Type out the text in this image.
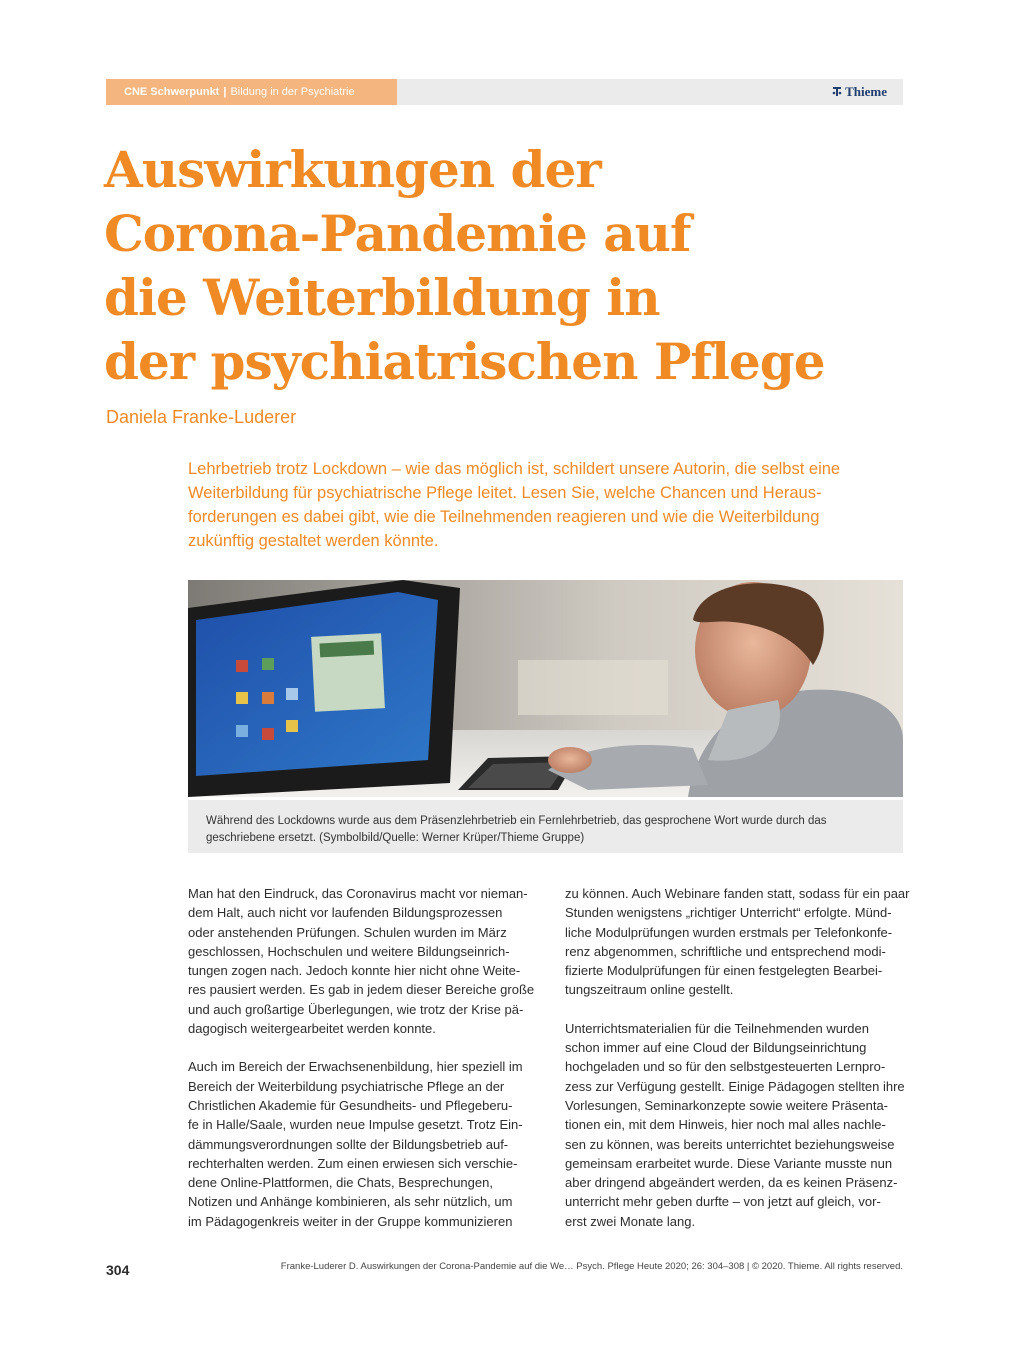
CNE Schwerpunkt | Bildung in der Psychiatrie	Thieme
Auswirkungen der
Corona-Pandemie auf
die Weiterbildung in
der psychiatrischen Pflege
Daniela Franke-Luderer

Lehrbetrieb trotz Lockdown – wie das möglich ist, schildert unsere Autorin, die selbst eine
Weiterbildung für psychiatrische Pflege leitet. Lesen Sie, welche Chancen und Heraus-
forderungen es dabei gibt, wie die Teilnehmenden reagieren und wie die Weiterbildung
zukünftig gestaltet werden könnte.

Während des Lockdowns wurde aus dem Präsenzlehrbetrieb ein Fernlehrbetrieb, das gesprochene Wort wurde durch das
geschriebene ersetzt. (Symbolbild/Quelle: Werner Krüper/Thieme Gruppe)

Man hat den Eindruck, das Coronavirus macht vor nieman-
dem Halt, auch nicht vor laufenden Bildungsprozessen
oder anstehenden Prüfungen. Schulen wurden im März
geschlossen, Hochschulen und weitere Bildungseinrich-
tungen zogen nach. Jedoch konnte hier nicht ohne Weite-
res pausiert werden. Es gab in jedem dieser Bereiche große
und auch großartige Überlegungen, wie trotz der Krise pä-
dagogisch weitergearbeitet werden konnte.

Auch im Bereich der Erwachsenenbildung, hier speziell im
Bereich der Weiterbildung psychiatrische Pflege an der
Christlichen Akademie für Gesundheits- und Pflegeberu-
fe in Halle/Saale, wurden neue Impulse gesetzt. Trotz Ein-
dämmungsverordnungen sollte der Bildungsbetrieb auf-
rechterhalten werden. Zum einen erwiesen sich verschie-
dene Online-Plattformen, die Chats, Besprechungen,
Notizen und Anhänge kombinieren, als sehr nützlich, um
im Pädagogenkreis weiter in der Gruppe kommunizieren

zu können. Auch Webinare fanden statt, sodass für ein paar
Stunden wenigstens „richtiger Unterricht“ erfolgte. Münd-
liche Modulprüfungen wurden erstmals per Telefonkonfe-
renz abgenommen, schriftliche und entsprechend modi-
fizierte Modulprüfungen für einen festgelegten Bearbei-
tungszeitraum online gestellt.

Unterrichtsmaterialien für die Teilnehmenden wurden
schon immer auf eine Cloud der Bildungseinrichtung
hochgeladen und so für den selbstgesteuerten Lernpro-
zess zur Verfügung gestellt. Einige Pädagogen stellten ihre
Vorlesungen, Seminarkonzepte sowie weitere Präsenta-
tionen ein, mit dem Hinweis, hier noch mal alles nachle-
sen zu können, was bereits unterrichtet beziehungsweise
gemeinsam erarbeitet wurde. Diese Variante musste nun
aber dringend abgeändert werden, da es keinen Präsenz-
unterricht mehr geben durfte – von jetzt auf gleich, vor-
erst zwei Monate lang.

304	Franke-Luderer D. Auswirkungen der Corona-Pandemie auf die We… Psych. Pflege Heute 2020; 26: 304–308 | © 2020. Thieme. All rights reserved.
